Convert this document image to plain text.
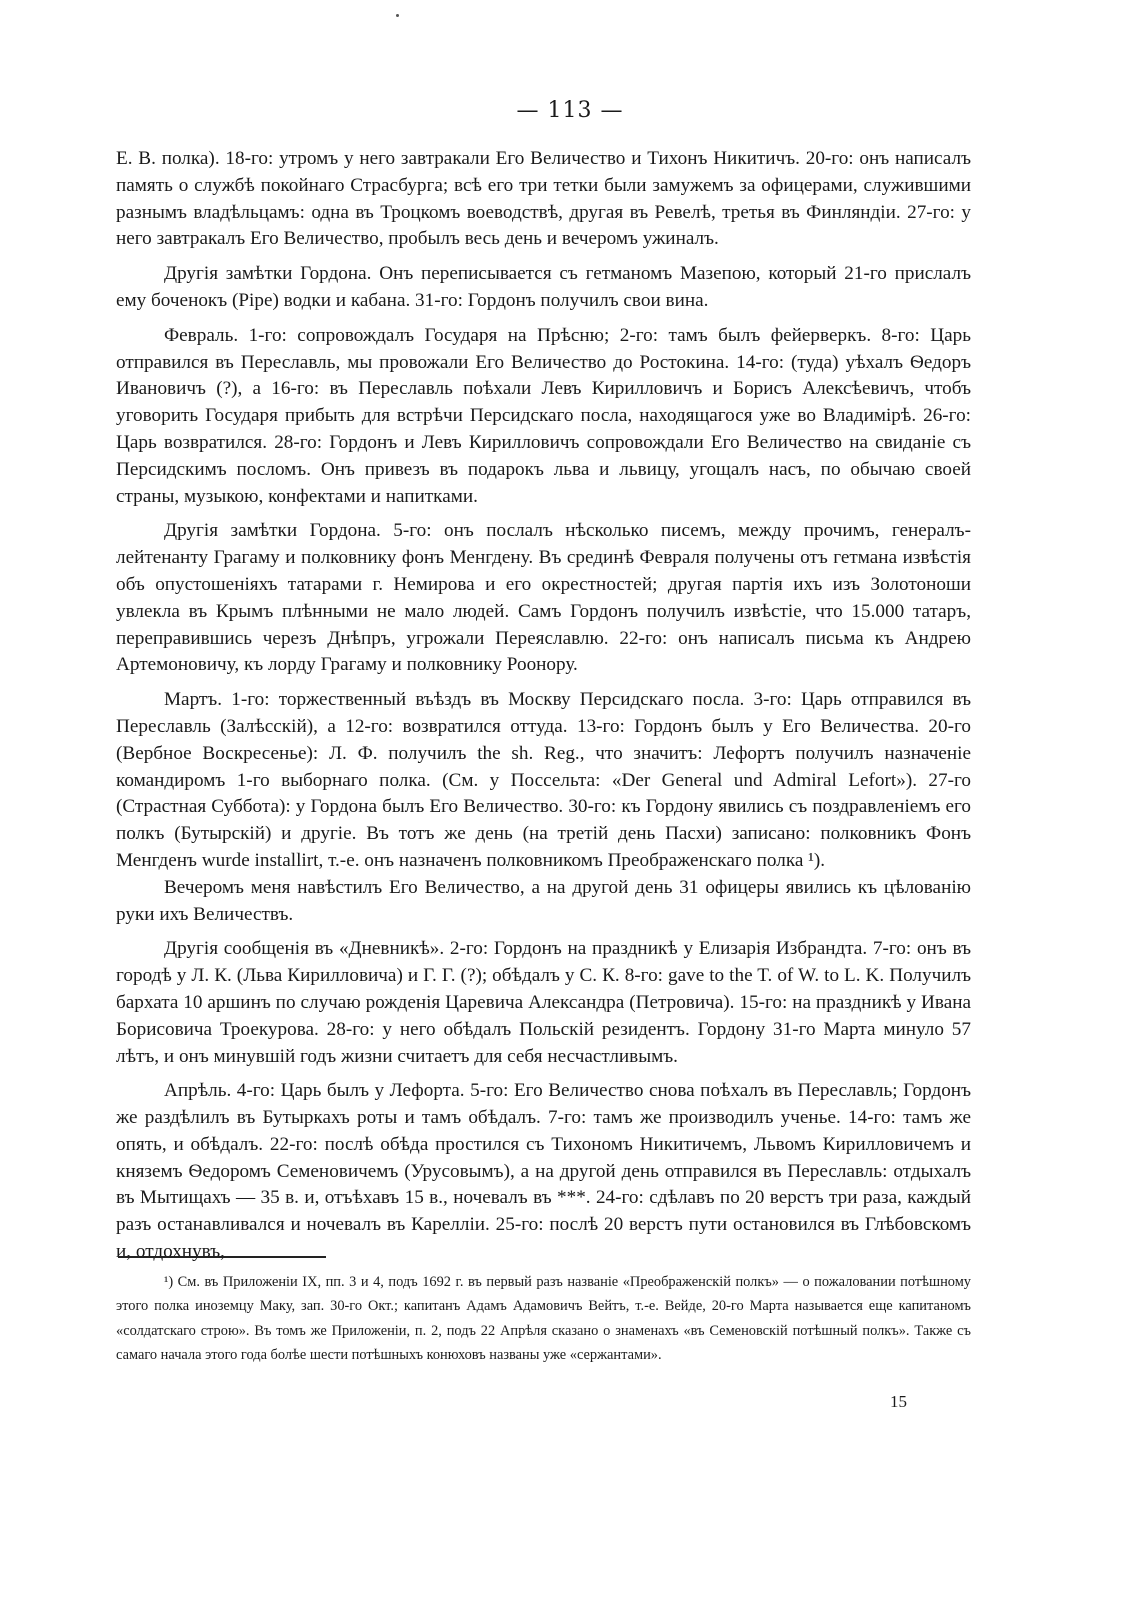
— 113 —

Е. В. полка). 18-го: утромъ у него завтракали Его Величество и Тихонъ Никитичъ. 20-го: онъ написалъ память о службѣ покойнаго Страсбурга; всѣ его три тетки были замужемъ за офицерами, служившими разнымъ владѣльцамъ: одна въ Троцкомъ воеводствѣ, другая въ Ревелѣ, третья въ Финляндіи. 27-го: у него завтракалъ Его Величество, пробылъ весь день и вечеромъ ужиналъ.

Другія замѣтки Гордона. Онъ переписывается съ гетманомъ Мазепою, который 21-го прислалъ ему боченокъ (Pipe) водки и кабана. 31-го: Гордонъ получилъ свои вина.

Февраль. 1-го: сопровождалъ Государя на Прѣсню; 2-го: тамъ былъ фейерверкъ. 8-го: Царь отправился въ Переславль, мы провожали Его Величество до Ростокина. 14-го: (туда) уѣхалъ Ѳедоръ Ивановичъ (?), а 16-го: въ Переславль поѣхали Левъ Кирилловичъ и Борисъ Алексѣевичъ, чтобъ уговорить Государя прибыть для встрѣчи Персидскаго посла, находящагося уже во Владимірѣ. 26-го: Царь возвратился. 28-го: Гордонъ и Левъ Кирилловичъ сопровождали Его Величество на свиданіе съ Персидскимъ посломъ. Онъ привезъ въ подарокъ льва и львицу, угощалъ насъ, по обычаю своей страны, музыкою, конфектами и напитками.

Другія замѣтки Гордона. 5-го: онъ послалъ нѣсколько писемъ, между прочимъ, генералъ-лейтенанту Грагаму и полковнику фонъ Менгдену. Въ срединѣ Февраля получены отъ гетмана извѣстія объ опустошеніяхъ татарами г. Немирова и его окрестностей; другая партія ихъ изъ Золотоноши увлекла въ Крымъ плѣнными не мало людей. Самъ Гордонъ получилъ извѣстіе, что 15.000 татаръ, переправившись черезъ Днѣпръ, угрожали Переяславлю. 22-го: онъ написалъ письма къ Андрею Артемоновичу, къ лорду Грагаму и полковнику Роонору.

Мартъ. 1-го: торжественный въѣздъ въ Москву Персидскаго посла. 3-го: Царь отправился въ Переславль (Залѣсскій), а 12-го: возвратился оттуда. 13-го: Гордонъ былъ у Его Величества. 20-го (Вербное Воскресенье): Л. Ф. получилъ the sh. Reg., что значитъ: Лефортъ получилъ назначеніе командиромъ 1-го выборнаго полка. (См. у Поссельта: «Der General und Admiral Lefort»). 27-го (Страстная Суббота): у Гордона былъ Его Величество. 30-го: къ Гордону явились съ поздравленіемъ его полкъ (Бутырскій) и другіе. Въ тотъ же день (на третій день Пасхи) записано: полковникъ Фонъ Менгденъ wurde installirt, т.-е. онъ назначенъ полковникомъ Преображенскаго полка ¹).

Вечеромъ меня навѣстилъ Его Величество, а на другой день 31 офицеры явились къ цѣлованію руки ихъ Величествъ.

Другія сообщенія въ «Дневникѣ». 2-го: Гордонъ на праздникѣ у Елизарія Избрандта. 7-го: онъ въ городѣ у Л. К. (Льва Кирилловича) и Г. Г. (?); обѣдалъ у С. К. 8-го: gave to the T. of W. to L. K. Получилъ бархата 10 аршинъ по случаю рожденія Царевича Александра (Петровича). 15-го: на праздникѣ у Ивана Борисовича Троекурова. 28-го: у него обѣдалъ Польскій резидентъ. Гордону 31-го Марта минуло 57 лѣтъ, и онъ минувшій годъ жизни считаетъ для себя несчастливымъ.

Апрѣль. 4-го: Царь былъ у Лефорта. 5-го: Его Величество снова поѣхалъ въ Переславль; Гордонъ же раздѣлилъ въ Бутыркахъ роты и тамъ обѣдалъ. 7-го: тамъ же производилъ ученье. 14-го: тамъ же опять, и обѣдалъ. 22-го: послѣ обѣда простился съ Тихономъ Никитичемъ, Львомъ Кирилловичемъ и княземъ Ѳедоромъ Семеновичемъ (Урусовымъ), а на другой день отправился въ Переславль: отдыхалъ въ Мытищахъ — 35 в. и, отъѣхавъ 15 в., ночевалъ въ ***. 24-го: сдѣлавъ по 20 верстъ три раза, каждый разъ останавливался и ночевалъ въ Карелліи. 25-го: послѣ 20 верстъ пути остановился въ Глѣбовскомъ и, отдохнувъ,

¹) См. въ Приложеніи IX, пп. 3 и 4, подъ 1692 г. въ первый разъ названіе «Преображенскій полкъ» — о пожаловании потѣшному этого полка иноземцу Маку, зап. 30-го Окт.; капитанъ Адамъ Адамовичъ Вейтъ, т.-е. Вейде, 20-го Марта называется еще капитаномъ «солдатскаго строю». Въ томъ же Приложеніи, п. 2, подъ 22 Апрѣля сказано о знаменахъ «въ Семеновскій потѣшный полкъ». Также съ самаго начала этого года болѣе шести потѣшныхъ конюховъ названы уже «сержантами».

15
